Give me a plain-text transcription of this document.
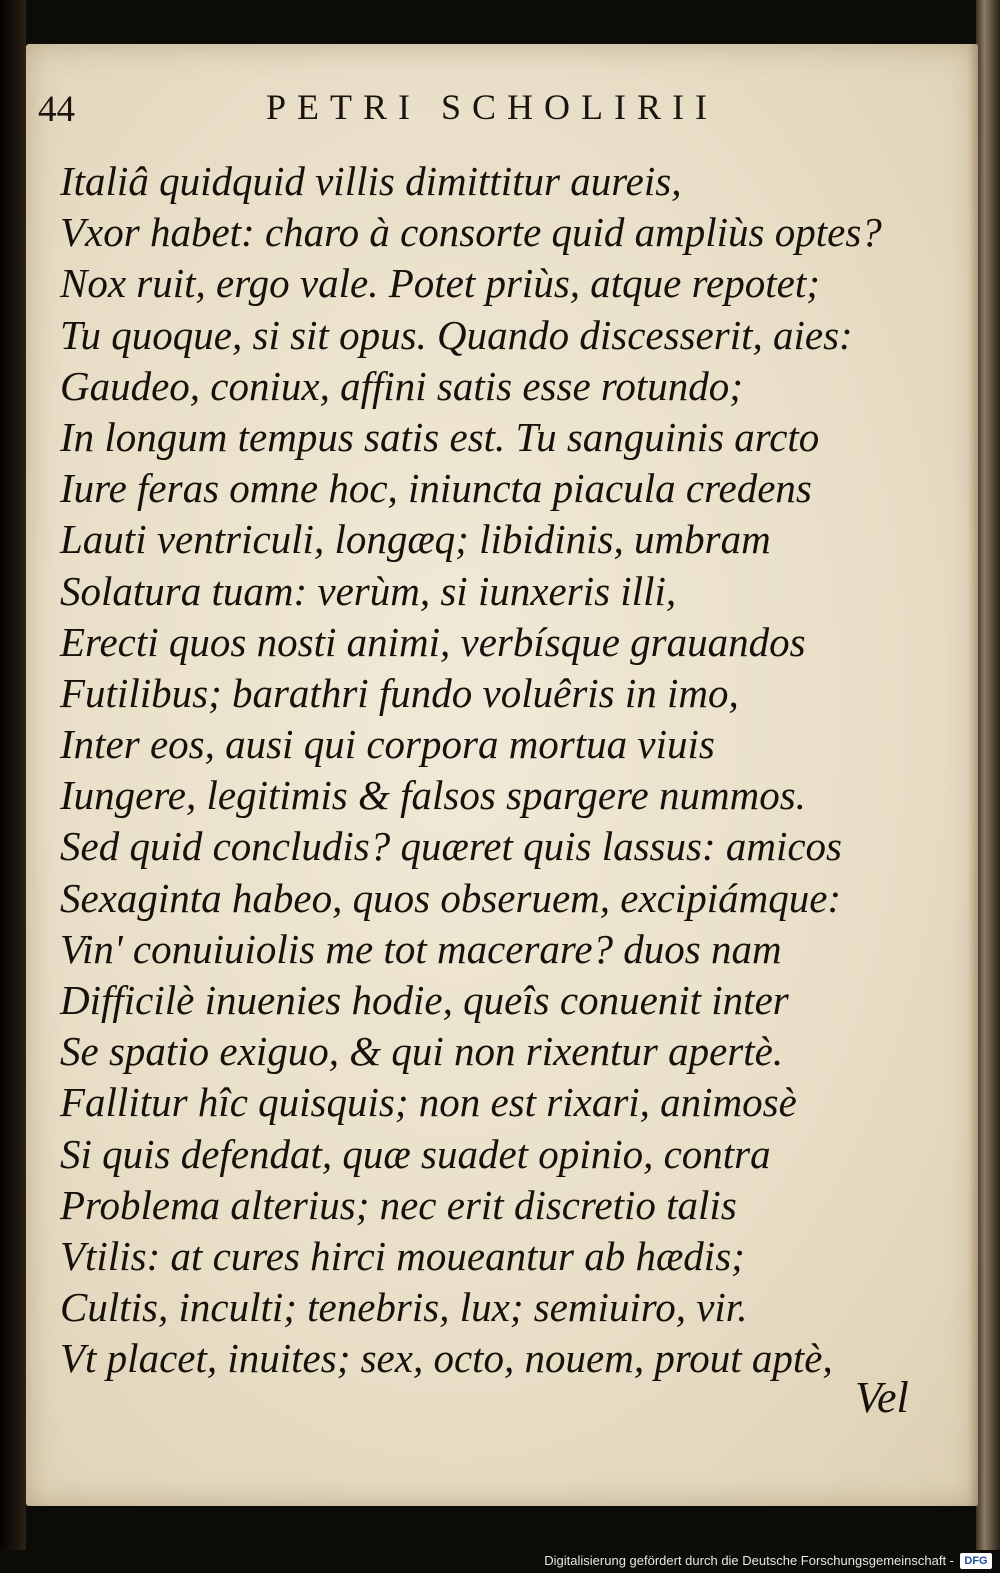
44	PETRI SCHOLIRII
Italiâ quidquid villis dimittitur aureis,
Vxor habet: charo à consorte quid ampliùs optes?
Nox ruit, ergo vale. Potet priùs, atque repotet;
Tu quoque, si sit opus. Quando discesserit, aies:
Gaudeo, coniux, affini satis esse rotundo;
In longum tempus satis est. Tu sanguinis arcto
Iure feras omne hoc, iniuncta piacula credens
Lauti ventriculi, longæq; libidinis, umbram
Solatura tuam: verùm, si iunxeris illi,
Erecti quos nosti animi, verbísque grauandos
Futilibus; barathri fundo voluêris in imo,
Inter eos, ausi qui corpora mortua viuis
Iungere, legitimis & falsos spargere nummos.
Sed quid concludis? quæret quis lassus: amicos
Sexaginta habeo, quos obseruem, excipiámque:
Vin' conuiuiolis me tot macerare? duos nam
Difficilè inuenies hodie, queîs conuenit inter
Se spatio exiguo, & qui non rixentur apertè.
Fallitur hîc quisquis; non est rixari, animosè
Si quis defendat, quæ suadet opinio, contra
Problema alterius; nec erit discretio talis
Vtilis: at cures hirci moueantur ab hædis;
Cultis, inculti; tenebris, lux; semiuiro, vir.
Vt placet, inuites; sex, octo, nouem, prout aptè,
Vel
Digitalisierung gefördert durch die Deutsche Forschungsgemeinschaft - DFG
